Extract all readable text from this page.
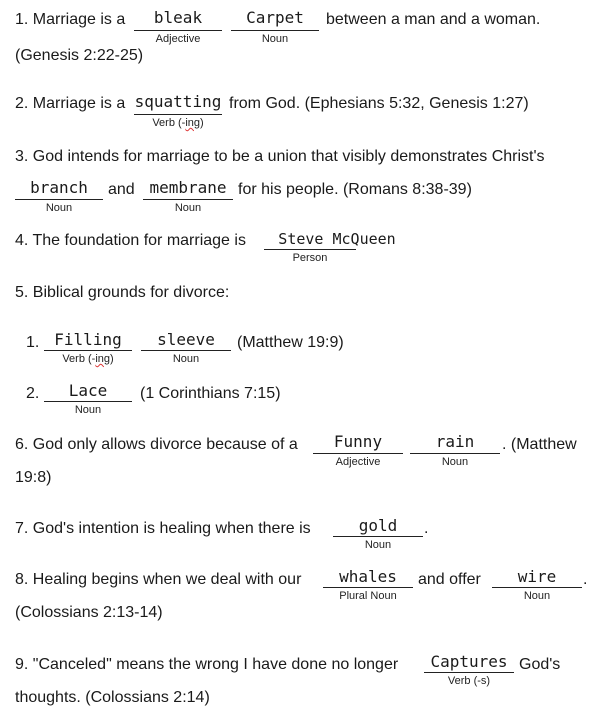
1. Marriage is a	bleak
Adjective
Carpet
Noun
between a man and a woman.
(Genesis 2:22-25)
2. Marriage is a squatting
Verb (-ing)
from God. (Ephesians 5:32, Genesis 1:27)
3. God intends for marriage to be a union that visibly demonstrates Christ's
branch
Noun
and membrane
Noun
for his people. (Romans 8:38-39)
4. The foundation for marriage is	Steve McQueen
Person
5. Biblical grounds for divorce:
1. Filling
Verb (-ing)
sleeve
Noun
(Matthew 19:9)
2.	Lace
Noun
(1 Corinthians 7:15)
6. God only allows divorce because of a	Funny
Adjective
rain
Noun
. (Matthew
19:8)
7. God's intention is healing when there is	gold
Noun
.
8. Healing begins when we deal with our	whales
Plural Noun
and offer	wire
Noun
.
(Colossians 2:13-14)
9. "Canceled" means the wrong I have done no longer	Captures
Verb (-s)
God's
thoughts. (Colossians 2:14)
